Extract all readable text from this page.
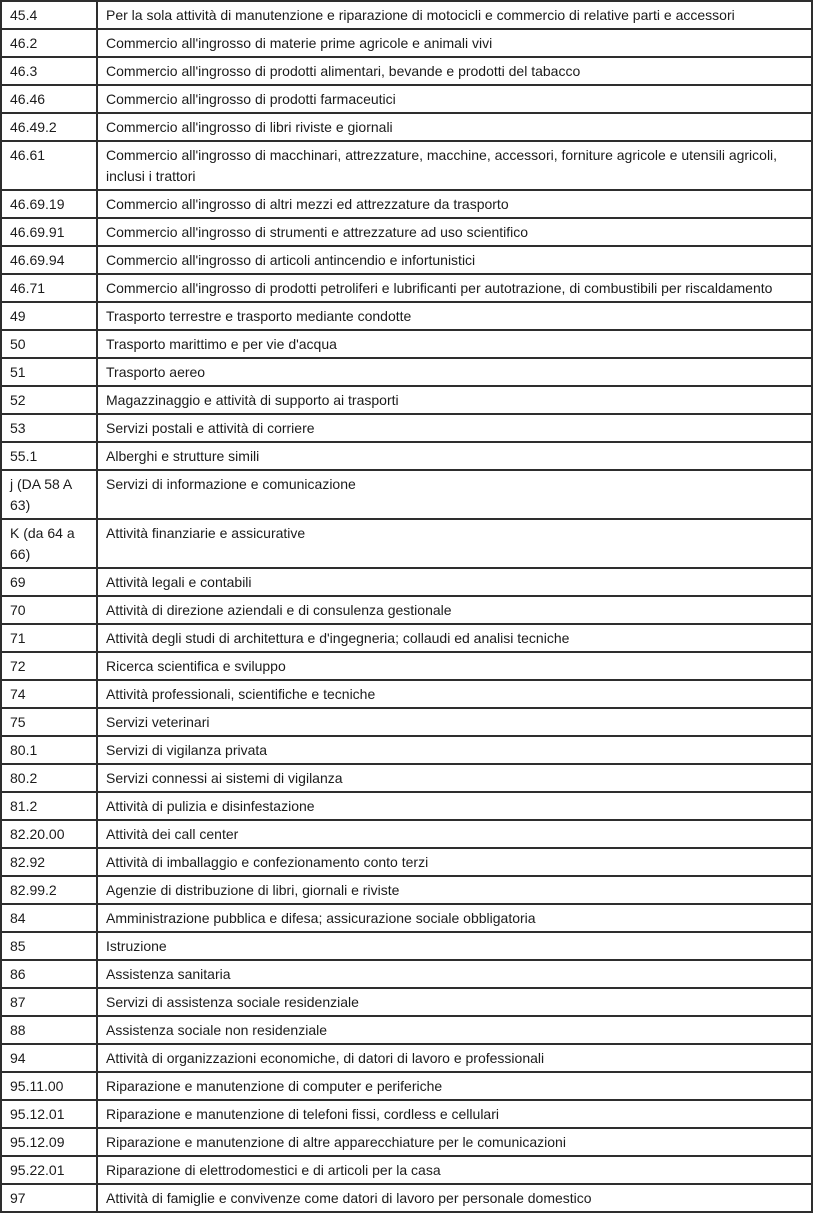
45.4	Per la sola attività di manutenzione e riparazione di motocicli e commercio di relative parti e accessori
46.2	Commercio all'ingrosso di materie prime agricole e animali vivi
46.3	Commercio all'ingrosso di prodotti alimentari, bevande e prodotti del tabacco
46.46	Commercio all'ingrosso di prodotti farmaceutici
46.49.2	Commercio all'ingrosso di libri riviste e giornali
46.61	Commercio all'ingrosso di macchinari, attrezzature, macchine, accessori, forniture agricole e utensili agricoli, inclusi i trattori
46.69.19	Commercio all'ingrosso di altri mezzi ed attrezzature da trasporto
46.69.91	Commercio all'ingrosso di strumenti e attrezzature ad uso scientifico
46.69.94	Commercio all'ingrosso di articoli antincendio e infortunistici
46.71	Commercio all'ingrosso di prodotti petroliferi e lubrificanti per autotrazione, di combustibili per riscaldamento
49	Trasporto terrestre e trasporto mediante condotte
50	Trasporto marittimo e per vie d'acqua
51	Trasporto aereo
52	Magazzinaggio e attività di supporto ai trasporti
53	Servizi postali e attività di corriere
55.1	Alberghi e strutture simili
j (DA 58 A 63)	Servizi di informazione e comunicazione
K (da 64 a 66)	Attività finanziarie e assicurative
69	Attività legali e contabili
70	Attività di direzione aziendali e di consulenza gestionale
71	Attività degli studi di architettura e d'ingegneria; collaudi ed analisi tecniche
72	Ricerca scientifica e sviluppo
74	Attività professionali, scientifiche e tecniche
75	Servizi veterinari
80.1	Servizi di vigilanza privata
80.2	Servizi connessi ai sistemi di vigilanza
81.2	Attività di pulizia e disinfestazione
82.20.00	Attività dei call center
82.92	Attività di imballaggio e confezionamento conto terzi
82.99.2	Agenzie di distribuzione di libri, giornali e riviste
84	Amministrazione pubblica e difesa; assicurazione sociale obbligatoria
85	Istruzione
86	Assistenza sanitaria
87	Servizi di assistenza sociale residenziale
88	Assistenza sociale non residenziale
94	Attività di organizzazioni economiche, di datori di lavoro e professionali
95.11.00	Riparazione e manutenzione di computer e periferiche
95.12.01	Riparazione e manutenzione di telefoni fissi, cordless e cellulari
95.12.09	Riparazione e manutenzione di altre apparecchiature per le comunicazioni
95.22.01	Riparazione di elettrodomestici e di articoli per la casa
97	Attività di famiglie e convivenze come datori di lavoro per personale domestico
